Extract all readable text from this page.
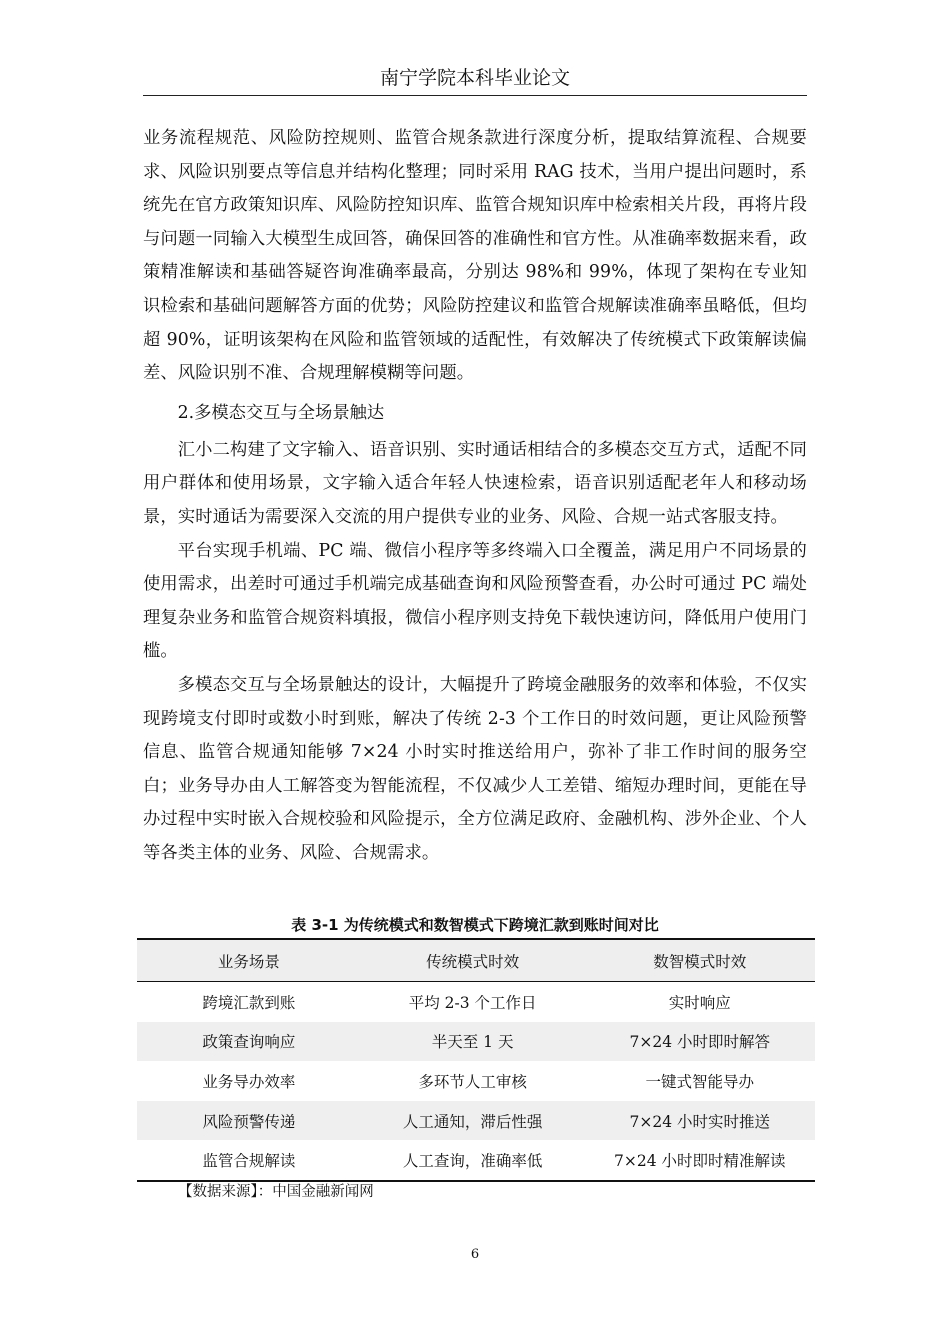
南宁学院本科毕业论文

业务流程规范、风险防控规则、监管合规条款进行深度分析，提取结算流程、合规要求、风险识别要点等信息并结构化整理；同时采用 RAG 技术，当用户提出问题时，系统先在官方政策知识库、风险防控知识库、监管合规知识库中检索相关片段，再将片段与问题一同输入大模型生成回答，确保回答的准确性和官方性。从准确率数据来看，政策精准解读和基础答疑咨询准确率最高，分别达 98%和 99%，体现了架构在专业知识检索和基础问题解答方面的优势；风险防控建议和监管合规解读准确率虽略低，但均超 90%，证明该架构在风险和监管领域的适配性，有效解决了传统模式下政策解读偏差、风险识别不准、合规理解模糊等问题。

2.多模态交互与全场景触达

汇小二构建了文字输入、语音识别、实时通话相结合的多模态交互方式，适配不同用户群体和使用场景，文字输入适合年轻人快速检索，语音识别适配老年人和移动场景，实时通话为需要深入交流的用户提供专业的业务、风险、合规一站式客服支持。

平台实现手机端、PC 端、微信小程序等多终端入口全覆盖，满足用户不同场景的使用需求，出差时可通过手机端完成基础查询和风险预警查看，办公时可通过 PC 端处理复杂业务和监管合规资料填报，微信小程序则支持免下载快速访问，降低用户使用门槛。

多模态交互与全场景触达的设计，大幅提升了跨境金融服务的效率和体验，不仅实现跨境支付即时或数小时到账，解决了传统 2-3 个工作日的时效问题，更让风险预警信息、监管合规通知能够 7×24 小时实时推送给用户，弥补了非工作时间的服务空白；业务导办由人工解答变为智能流程，不仅减少人工差错、缩短办理时间，更能在导办过程中实时嵌入合规校验和风险提示，全方位满足政府、金融机构、涉外企业、个人等各类主体的业务、风险、合规需求。

表 3-1 为传统模式和数智模式下跨境汇款到账时间对比
业务场景	传统模式时效	数智模式时效
跨境汇款到账	平均 2-3 个工作日	实时响应
政策查询响应	半天至 1 天	7×24 小时即时解答
业务导办效率	多环节人工审核	一键式智能导办
风险预警传递	人工通知，滞后性强	7×24 小时实时推送
监管合规解读	人工查询，准确率低	7×24 小时即时精准解读
【数据来源】：中国金融新闻网
6
